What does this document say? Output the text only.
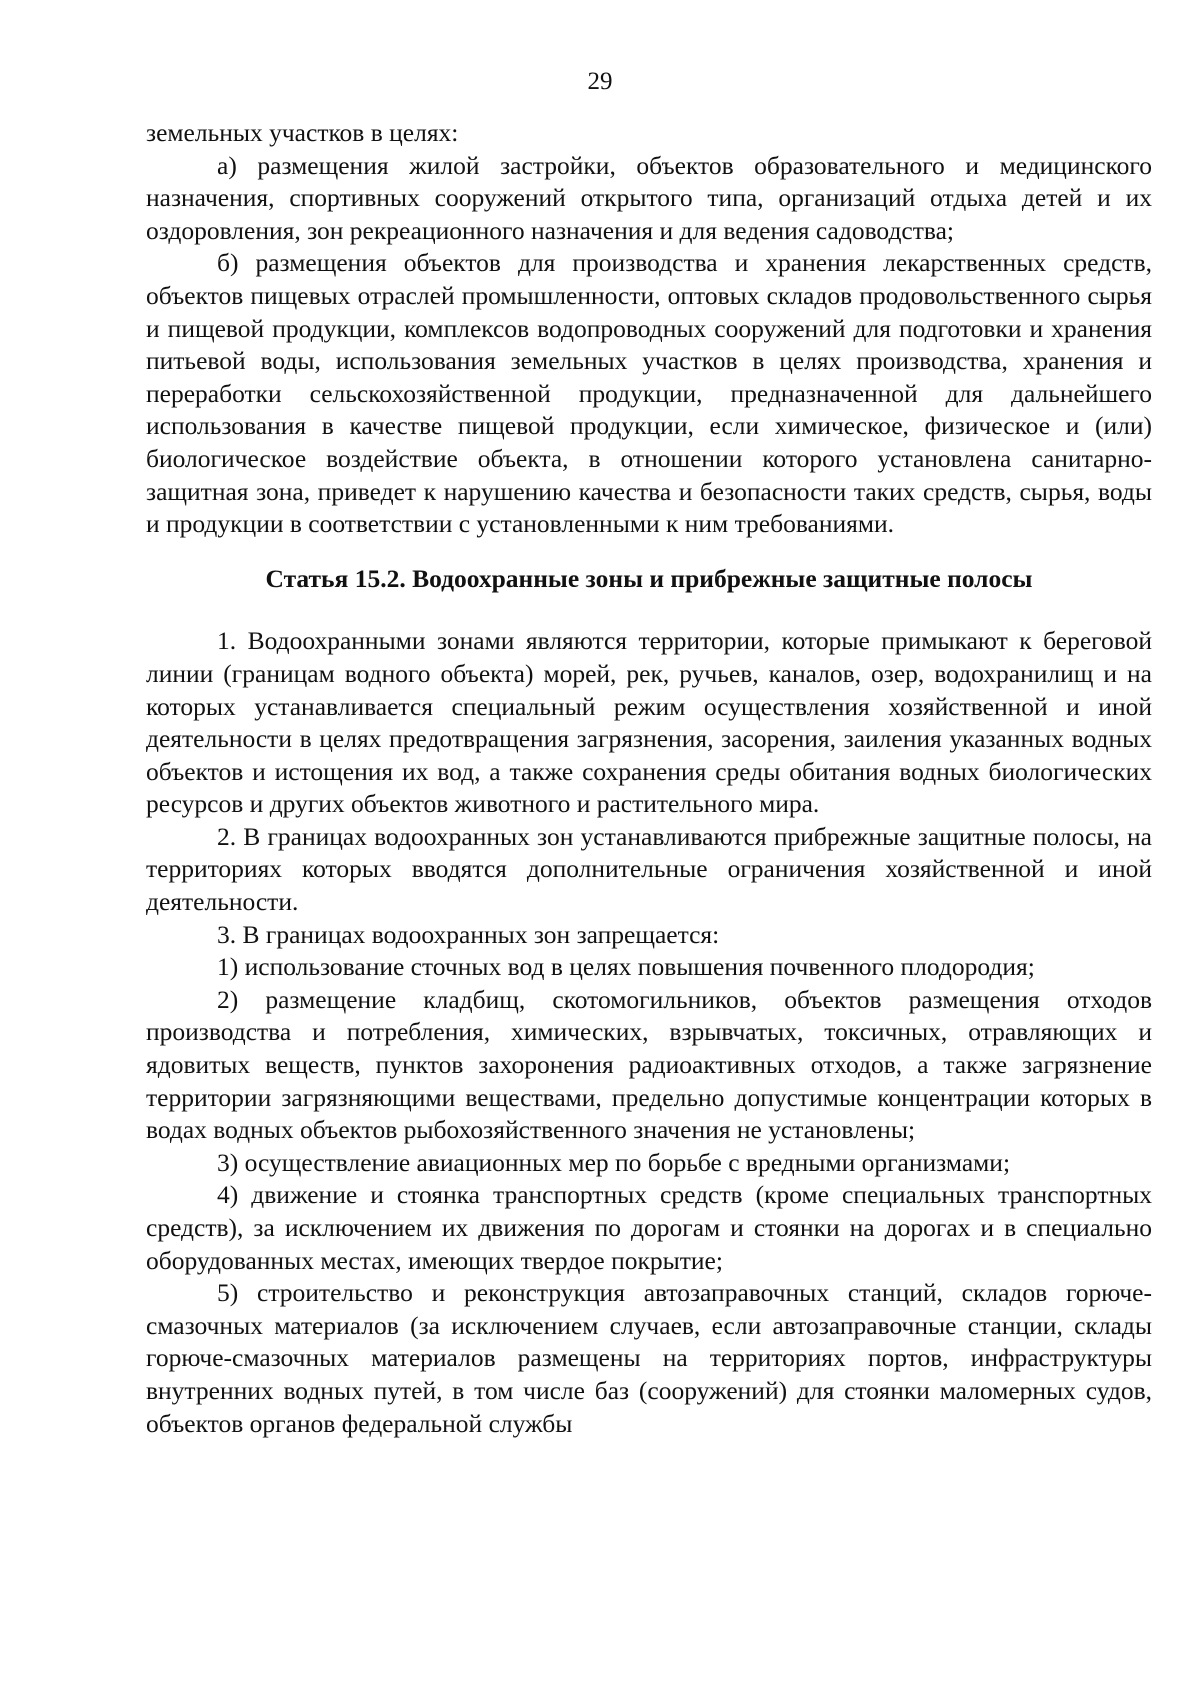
29

земельных участков в целях:

а) размещения жилой застройки, объектов образовательного и медицинского назначения, спортивных сооружений открытого типа, организаций отдыха детей и их оздоровления, зон рекреационного назначения и для ведения садоводства;

б) размещения объектов для производства и хранения лекарственных средств, объектов пищевых отраслей промышленности, оптовых складов продовольственного сырья и пищевой продукции, комплексов водопроводных сооружений для подготовки и хранения питьевой воды, использования земельных участков в целях производства, хранения и переработки сельскохозяйственной продукции, предназначенной для дальнейшего использования в качестве пищевой продукции, если химическое, физическое и (или) биологическое воздействие объекта, в отношении которого установлена санитарно-защитная зона, приведет к нарушению качества и безопасности таких средств, сырья, воды и продукции в соответствии с установленными к ним требованиями.

Статья 15.2. Водоохранные зоны и прибрежные защитные полосы

1. Водоохранными зонами являются территории, которые примыкают к береговой линии (границам водного объекта) морей, рек, ручьев, каналов, озер, водохранилищ и на которых устанавливается специальный режим осуществления хозяйственной и иной деятельности в целях предотвращения загрязнения, засорения, заиления указанных водных объектов и истощения их вод, а также сохранения среды обитания водных биологических ресурсов и других объектов животного и растительного мира.

2. В границах водоохранных зон устанавливаются прибрежные защитные полосы, на территориях которых вводятся дополнительные ограничения хозяйственной и иной деятельности.

3. В границах водоохранных зон запрещается:

1) использование сточных вод в целях повышения почвенного плодородия;

2) размещение кладбищ, скотомогильников, объектов размещения отходов производства и потребления, химических, взрывчатых, токсичных, отравляющих и ядовитых веществ, пунктов захоронения радиоактивных отходов, а также загрязнение территории загрязняющими веществами, предельно допустимые концентрации которых в водах водных объектов рыбохозяйственного значения не установлены;

3) осуществление авиационных мер по борьбе с вредными организмами;

4) движение и стоянка транспортных средств (кроме специальных транспортных средств), за исключением их движения по дорогам и стоянки на дорогах и в специально оборудованных местах, имеющих твердое покрытие;

5) строительство и реконструкция автозаправочных станций, складов горюче-смазочных материалов (за исключением случаев, если автозаправочные станции, склады горюче-смазочных материалов размещены на территориях портов, инфраструктуры внутренних водных путей, в том числе баз (сооружений) для стоянки маломерных судов, объектов органов федеральной службы
